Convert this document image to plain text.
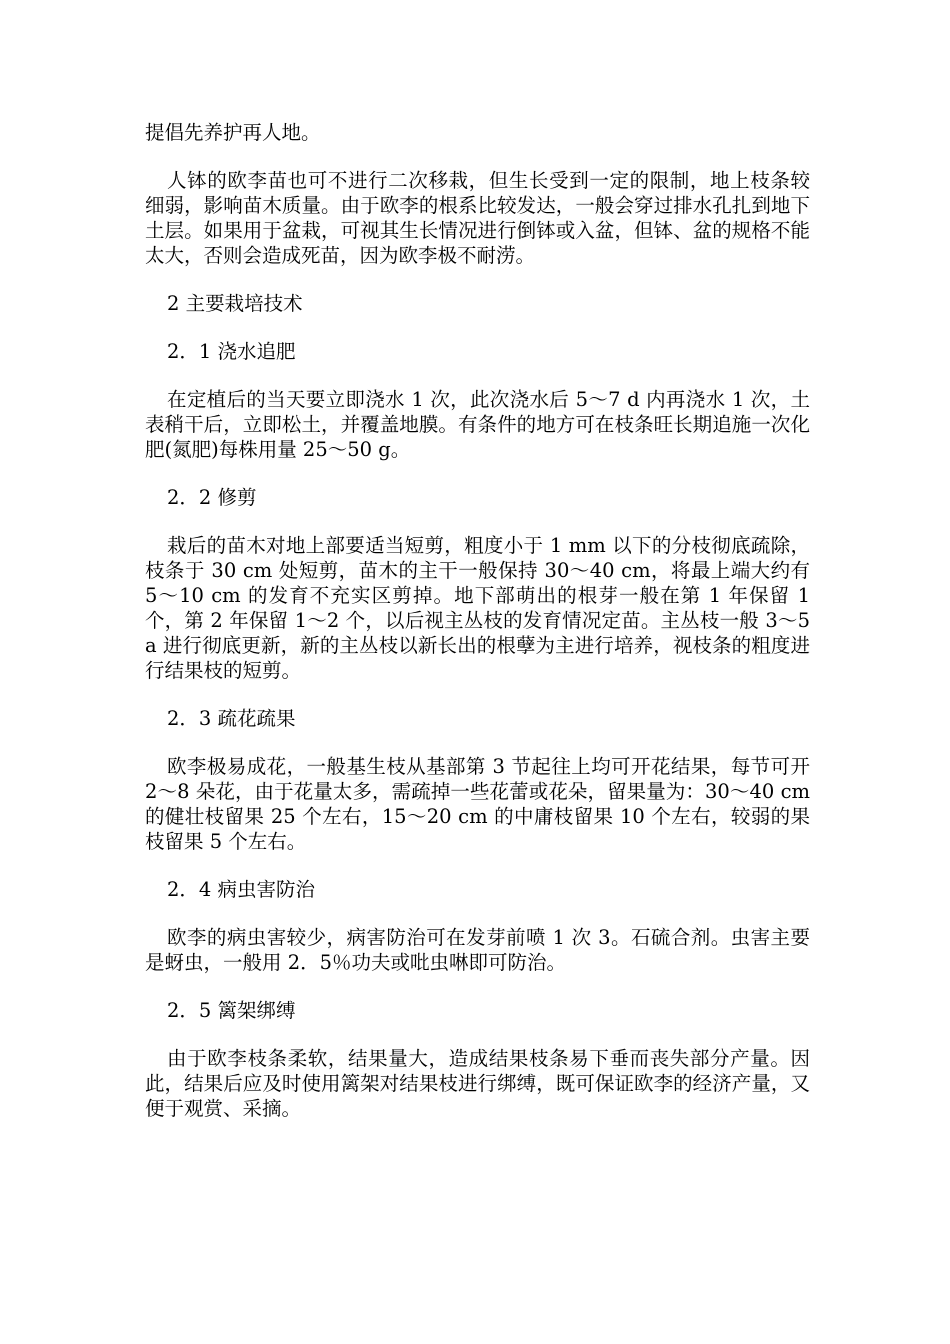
提倡先养护再人地。

人钵的欧李苗也可不进行二次移栽，但生长受到一定的限制，地上枝条较细弱，影响苗木质量。由于欧李的根系比较发达，一般会穿过排水孔扎到地下土层。如果用于盆栽，可视其生长情况进行倒钵或入盆，但钵、盆的规格不能太大，否则会造成死苗，因为欧李极不耐涝。

2 主要栽培技术

2．1 浇水追肥

在定植后的当天要立即浇水 1 次，此次浇水后 5～7 d 内再浇水 1 次，土表稍干后，立即松土，并覆盖地膜。有条件的地方可在枝条旺长期追施一次化肥(氮肥)每株用量 25～50 g。

2．2 修剪

栽后的苗木对地上部要适当短剪，粗度小于 1 mm 以下的分枝彻底疏除，枝条于 30 cm 处短剪，苗木的主干一般保持 30～40 cm，将最上端大约有 5～10 cm 的发育不充实区剪掉。地下部萌出的根芽一般在第 1 年保留 1 个，第 2 年保留 1～2 个，以后视主丛枝的发育情况定苗。主丛枝一般 3～5 a 进行彻底更新，新的主丛枝以新长出的根孽为主进行培养，视枝条的粗度进行结果枝的短剪。

2．3 疏花疏果

欧李极易成花，一般基生枝从基部第 3 节起往上均可开花结果，每节可开 2～8 朵花，由于花量太多，需疏掉一些花蕾或花朵，留果量为：30～40 cm 的健壮枝留果 25 个左右，15～20 cm 的中庸枝留果 10 个左右，较弱的果枝留果 5 个左右。

2．4 病虫害防治

欧李的病虫害较少，病害防治可在发芽前喷 1 次 3。石硫合剂。虫害主要是蚜虫，一般用 2．5％功夫或吡虫啉即可防治。

2．5 篱架绑缚

由于欧李枝条柔软，结果量大，造成结果枝条易下垂而丧失部分产量。因此，结果后应及时使用篱架对结果枝进行绑缚，既可保证欧李的经济产量，又便于观赏、采摘。
